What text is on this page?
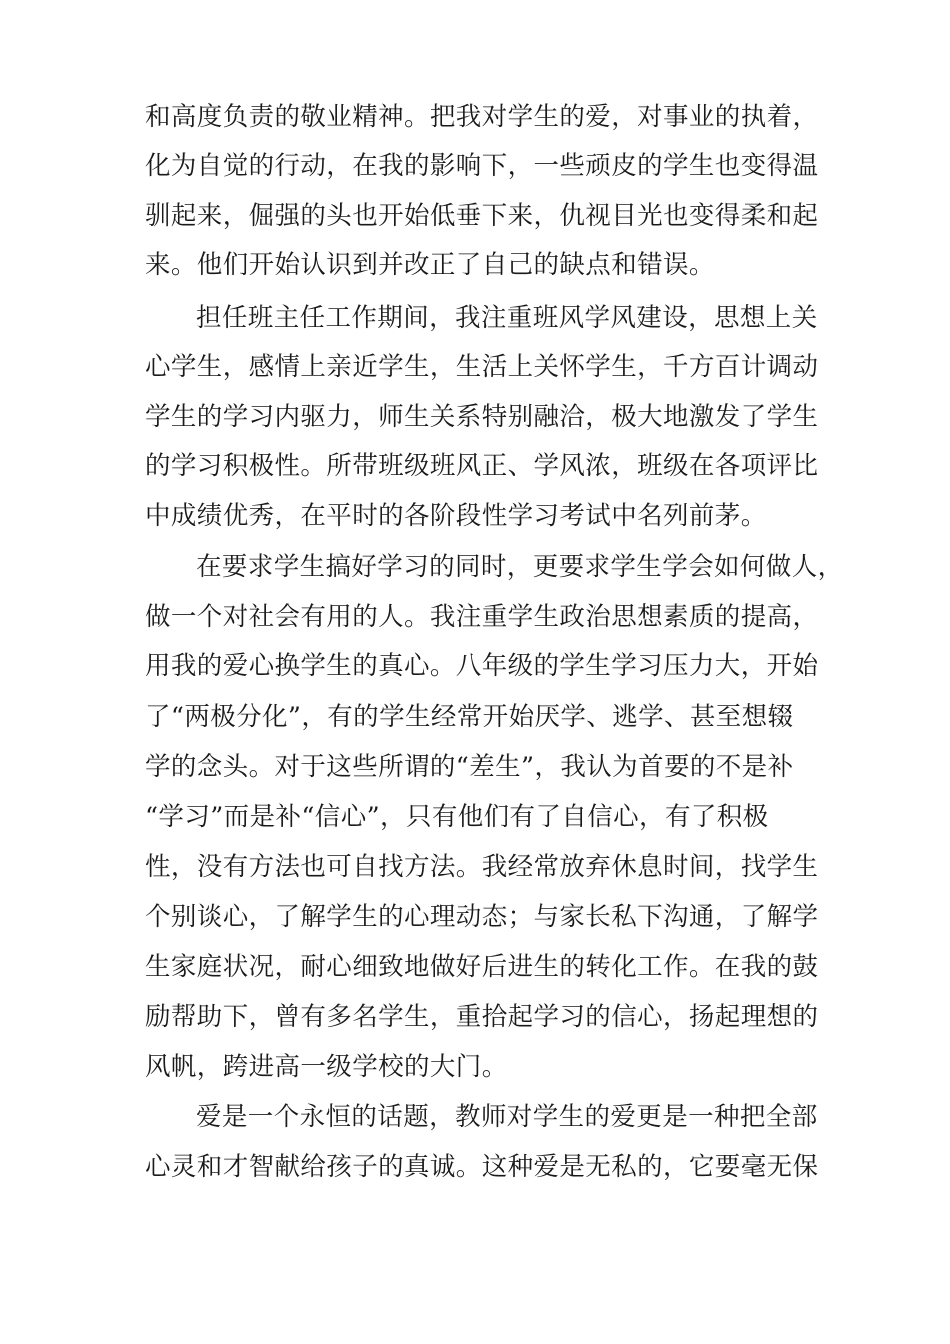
和高度负责的敬业精神。把我对学生的爱，对事业的执着，

化为自觉的行动，在我的影响下，一些顽皮的学生也变得温

驯起来，倔强的头也开始低垂下来，仇视目光也变得柔和起

来。他们开始认识到并改正了自己的缺点和错误。

担任班主任工作期间，我注重班风学风建设，思想上关

心学生，感情上亲近学生，生活上关怀学生，千方百计调动

学生的学习内驱力，师生关系特别融洽，极大地激发了学生

的学习积极性。所带班级班风正、学风浓，班级在各项评比

中成绩优秀，在平时的各阶段性学习考试中名列前茅。

在要求学生搞好学习的同时，更要求学生学会如何做人，

做一个对社会有用的人。我注重学生政治思想素质的提高，

用我的爱心换学生的真心。八年级的学生学习压力大，开始

了“两极分化”，有的学生经常开始厌学、逃学、甚至想辍

学的念头。对于这些所谓的“差生”，我认为首要的不是补

“学习”而是补“信心”，只有他们有了自信心，有了积极

性，没有方法也可自找方法。我经常放弃休息时间，找学生

个别谈心，了解学生的心理动态；与家长私下沟通，了解学

生家庭状况，耐心细致地做好后进生的转化工作。在我的鼓

励帮助下，曾有多名学生，重拾起学习的信心，扬起理想的

风帆，跨进高一级学校的大门。

爱是一个永恒的话题，教师对学生的爱更是一种把全部

心灵和才智献给孩子的真诚。这种爱是无私的，它要毫无保
